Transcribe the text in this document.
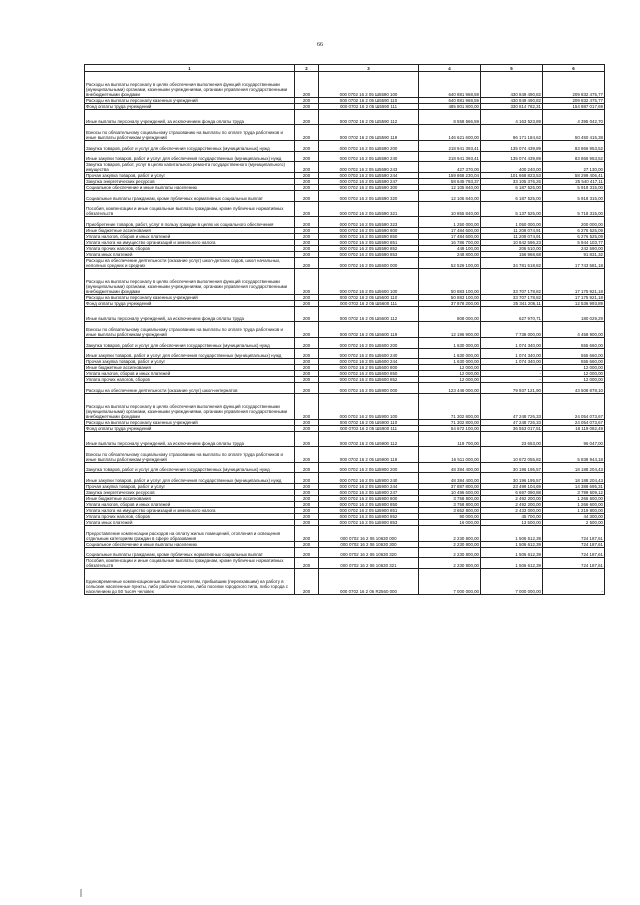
66
1	2	3	4	5	6
Расходы на выплаты персоналу в целях обеспечения выполнения функций государственными (муниципальными) органами, казенными учреждениями, органами управления государственными внебюджетными фондами	200	000 0702 16 2 05 Ш5590 100	640 881 968,59	430 849 490,82	209 832 475,77
Расходы на выплаты персоналу казенных учреждений	200	000 0702 16 2 05 Ш5590 110	640 881 968,59	430 849 490,82	209 832 475,77
Фонд оплаты труда учреждений	200	000 0702 16 2 05 Ш5590 111	485 801 800,00	330 814 782,31	154 987 017,69
Иные выплаты персоналу учреждений, за исключением фонда оплаты труда	200	000 0702 16 2 05 Ш5590 112	8 558 566,59	4 163 523,89	4 395 042,70
Взносы по обязательному социальному страхованию на выплаты по оплате труда работников и иные выплаты работникам учреждений	200	000 0702 16 2 05 Ш5590 119	146 621 600,00	96 171 184,62	50 450 415,38
Закупка товаров, работ и услуг для обеспечения государственных (муниципальных) нужд	200	000 0702 16 2 05 Ш5590 200	218 941 393,41	135 074 439,89	83 866 953,52
Иные закупки товаров, работ и услуг для обеспечения государственных (муниципальных) нужд	200	000 0702 16 2 05 Ш5590 240	218 941 393,41	135 074 439,89	83 866 953,52
Закупка товаров, работ, услуг в целях капитального ремонта государственного (муниципального) имущества	200	000 0702 16 2 05 Ш5590 243	427 370,00	400 240,00	27 130,00
Прочая закупка товаров, работ и услуг	200	000 0702 16 2 05 Ш5590 244	159 868 230,04	101 668 823,53	58 299 406,41
Закупка энергетических ресурсов	200	000 0702 16 2 05 Ш5590 247	58 645 793,37	33 105 376,26	25 540 417,11
Социальное обеспечение и иные выплаты населению	200	000 0702 16 2 05 Ш5590 300	12 105 840,00	6 187 525,00	5 918 315,00
Социальные выплаты гражданам, кроме публичных нормативных социальных выплат	200	000 0702 16 2 05 Ш5590 320	12 105 840,00	6 187 525,00	5 918 315,00
Пособия, компенсации и иные социальные выплаты гражданам, кроме публичных нормативных обязательств	200	000 0702 16 2 05 Ш5590 321	10 855 840,00	5 137 525,00	5 718 315,00
Приобретение товаров, работ, услуг в пользу граждан в целях их социального обеспечения	200	000 0702 16 2 05 Ш5590 323	1 250 000,00	1 050 000,00	200 000,00
Иные бюджетные ассигнования	200	000 0702 16 2 05 Ш5590 800	17 484 600,00	11 208 074,91	6 276 525,09
Уплата налогов, сборов и иных платежей	200	000 0702 16 2 05 Ш5590 850	17 484 600,00	11 208 074,91	6 276 525,09
Уплата налога на имущество организаций и земельного налога	200	000 0702 16 2 05 Ш5590 851	16 786 700,00	10 842 596,23	5 944 103,77
Уплата прочих налогов, сборов	200	000 0702 16 2 05 Ш5590 852	449 100,00	206 510,00	242 590,00
Уплата иных платежей	200	000 0702 16 2 05 Ш5590 853	248 800,00	156 968,68	91 831,32
Расходы на обеспечение деятельности (оказание услуг) школ-детских садов, школ начальных, неполных средних и средних	200	000 0702 16 2 05 Ш5600 000	52 526 100,00	34 781 518,82	17 743 581,18
Расходы на выплаты персоналу в целях обеспечения выполнения функций государственными (муниципальными) органами, казенными учреждениями, органами управления государственными внебюджетными фондами	200	000 0702 16 2 05 Ш5600 100	50 883 100,00	33 707 178,82	17 175 921,18
Расходы на выплаты персоналу казенных учреждений	200	000 0702 16 2 05 Ш5600 110	50 883 100,00	33 707 178,82	17 175 921,18
Фонд оплаты труда учреждений	200	000 0702 16 2 05 Ш5600 111	37 878 200,00	25 341 206,11	12 536 993,89
Иные выплаты персоналу учреждений, за исключением фонда оплаты труда	200	000 0702 16 2 05 Ш5600 112	808 000,00	627 970,71	180 029,29
Взносы по обязательному социальному страхованию на выплаты по оплате труда работников и иные выплаты работникам учреждений	200	000 0702 16 2 05 Ш5600 119	12 196 900,00	7 738 000,00	4 458 900,00
Закупка товаров, работ и услуг для обеспечения государственных (муниципальных) нужд	200	000 0702 16 2 05 Ш5600 200	1 630 000,00	1 074 340,00	555 660,00
Иные закупки товаров, работ и услуг для обеспечения государственных (муниципальных) нужд	200	000 0702 16 2 05 Ш5600 240	1 630 000,00	1 074 340,00	555 660,00
Прочая закупка товаров, работ и услуг	200	000 0702 16 2 05 Ш5600 244	1 630 000,00	1 074 340,00	555 660,00
Иные бюджетные ассигнования	200	000 0702 16 2 05 Ш5600 800	12 000,00	-	12 000,00
Уплата налогов, сборов и иных платежей	200	000 0702 16 2 05 Ш5600 850	12 000,00	-	12 000,00
Уплата прочих налогов, сборов	200	000 0702 16 2 05 Ш5600 852	12 000,00	-	12 000,00
Расходы на обеспечение деятельности (оказание услуг) школ-интернатов	200	000 0702 16 2 05 Ш5900 000	123 446 000,00	79 937 121,90	43 508 878,10
Расходы на выплаты персоналу в целях обеспечения выполнения функций государственными (муниципальными) органами, казенными учреждениями, органами управления государственными внебюджетными фондами	200	000 0702 16 2 05 Ш5900 100	71 302 800,00	47 248 726,33	24 054 073,67
Расходы на выплаты персоналу казенных учреждений	200	000 0702 16 2 05 Ш5900 110	71 302 800,00	47 248 726,33	24 054 073,67
Фонд оплаты труда учреждений	200	000 0702 16 2 05 Ш5900 111	54 672 100,00	36 553 017,51	18 119 082,49
Иные выплаты персоналу учреждений, за исключением фонда оплаты труда	200	000 0702 16 2 05 Ш5900 112	119 700,00	23 653,00	96 047,00
Взносы по обязательному социальному страхованию на выплаты по оплате труда работников и иные выплаты работникам учреждений	200	000 0702 16 2 05 Ш5900 119	16 511 000,00	10 672 055,82	5 838 944,18
Закупка товаров, работ и услуг для обеспечения государственных (муниципальных) нужд	200	000 0702 16 2 05 Ш5900 200	48 384 400,00	30 196 195,57	18 188 204,43
Иные закупки товаров, работ и услуг для обеспечения государственных (муниципальных) нужд	200	000 0702 16 2 05 Ш5900 240	48 384 400,00	30 196 195,57	18 188 204,43
Прочая закупка товаров, работ и услуг	200	000 0702 16 2 05 Ш5900 244	37 887 800,00	23 499 104,69	14 388 695,31
Закупка энергетических ресурсов	200	000 0702 16 2 05 Ш5900 247	10 496 600,00	6 697 090,88	3 799 509,12
Иные бюджетные ассигнования	200	000 0702 16 2 05 Ш5900 800	3 758 800,00	2 492 200,00	1 266 600,00
Уплата налогов, сборов и иных платежей	200	000 0702 16 2 05 Ш5900 850	3 758 800,00	2 492 200,00	1 266 600,00
Уплата налога на имущество организаций и земельного налога	200	000 0702 16 2 05 Ш5900 851	3 652 800,00	2 433 000,00	1 219 800,00
Уплата прочих налогов, сборов	200	000 0702 16 2 05 Ш5900 852	90 000,00	45 700,00	44 300,00
Уплата иных платежей	200	000 0702 16 2 05 Ш5900 853	16 000,00	13 500,00	2 500,00
Предоставление компенсации расходов на оплату жилых помещений, отопления и освещения отдельным категориям граждан в сфере образования	200	000 0702 16 2 06 10630 000	2 230 800,00	1 506 612,39	724 187,61
Социальное обеспечение и иные выплаты населению	200	000 0702 16 2 06 10630 300	2 230 800,00	1 506 612,39	724 187,61
Социальные выплаты гражданам, кроме публичных нормативных социальных выплат	200	000 0702 16 2 06 10630 320	2 230 800,00	1 506 612,39	724 187,61
Пособия, компенсации и иные социальные выплаты гражданам, кроме публичных нормативных обязательств	200	000 0702 16 2 06 10630 321	2 230 800,00	1 506 612,39	724 187,61
Единовременные компенсационные выплаты учителям, прибывшим (переехавшим) на работу в сельские населенные пункты, либо рабочие поселки, либо поселки городского типа, либо города с населением до 50 тысяч человек	200	000 0702 16 2 06 R2560 000	7 000 000,00	7 000 000,00	-
